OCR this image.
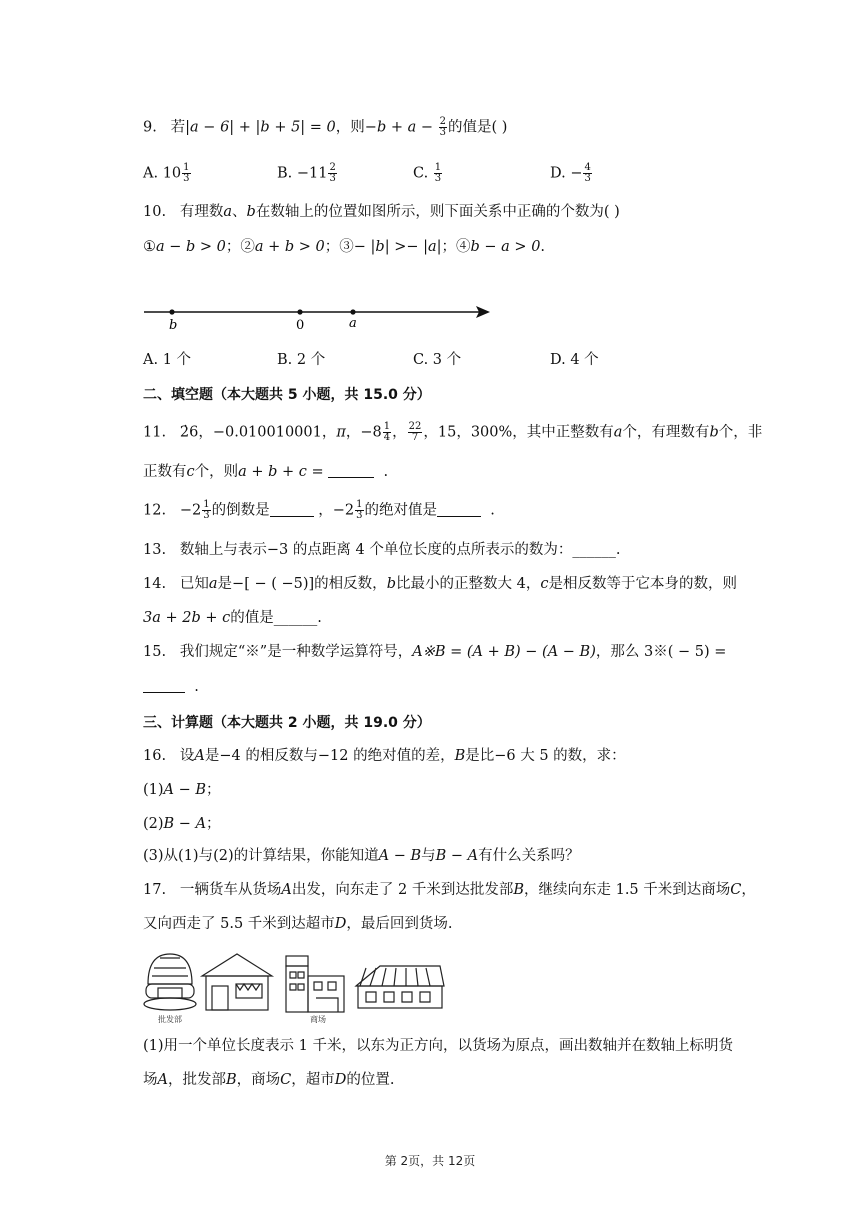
9. 若|a − 6| + |b + 5| = 0，则$-b + a - \frac{2}{3}$ 的值是( )
A. $10 \frac{1}{3}$	B. $-11 \frac{2}{3}$	C. $\frac{1}{3}$	D. − $\frac{4}{3}$
10. 有理数a、b在数轴上的位置如图所示，则下面关系中正确的个数为( )
①a − b > 0；②a + b > 0；③− |b| >− |a|；④b − a > 0.
b	0	a
A. 1 个	B. 2 个	C. 3 个	D. 4 个
二、填空题（本大题共 5 小题，共 15.0 分）
11.   2̇6，−0.010010001，π，$-8 \frac{1}{4}$ ， $\frac{22}{7}$ ，15，300%，其中正整数有a个，有理数有b个，非
正数有c个，则a + b + c =	.
12.   $-2 \frac{1}{3}$ 的倒数是	，$-2 \frac{1}{3}$ 的绝对值是	.
13. 数轴上与表示−3 的点距离 4 个单位长度的点所表示的数为：______.
14.   已知a是−[ − ( −5)]的相反数，b比最小的正整数大 4，c是相反数等于它本身的数，则
3a + 2b + c的值是______.
15.   我们规定“※”是一种数学运算符号，A※B = (A + B) − (A − B)，那么 3※( − 5) =
.
三、计算题（本大题共 2 小题，共 19.0 分）
16.   设A是−4 的相反数与−12 的绝对值的差，B是比−6 大 5 的数，求：
(1)A − B；
(2)B − A；
(3)从(1)与(2)的计算结果，你能知道A − B与B − A有什么关系吗？
17.   一辆货车从货场A出发，向东走了 2 千米到达批发部B，继续向东走 1.5 千米到达商场C，
又向西走了 5.5 千米到达超市D，最后回到货场.
批发部	商场
(1)用一个单位长度表示 1 千米，以东为正方向，以货场为原点，画出数轴并在数轴上标明货
场A，批发部B，商场C，超市D的位置.
第 2页，共 12页
